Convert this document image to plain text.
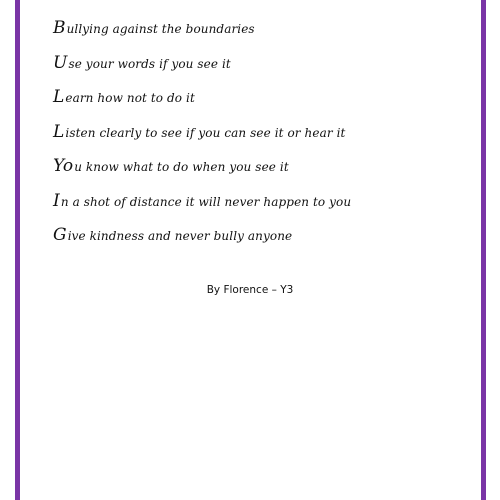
B ullying against the boundaries
U se your words if you see it
L earn how not to do it
L isten clearly to see if you can see it or hear it
Yo u know what to do when you see it
I n a shot of distance it will never happen to you
G ive kindness and never bully anyone
By Florence – Y3
